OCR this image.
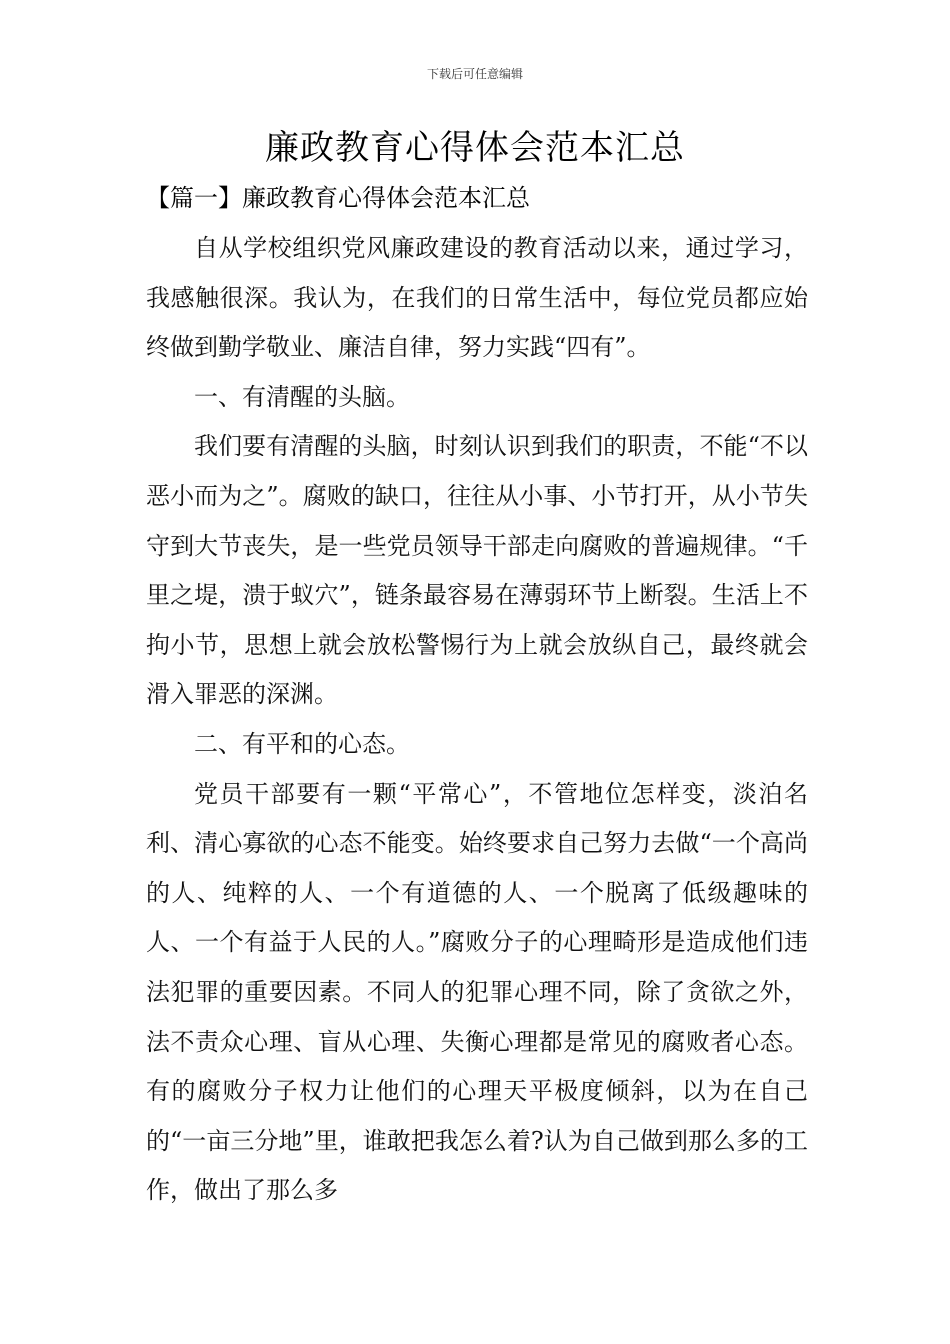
下载后可任意编辑
廉政教育心得体会范本汇总
【篇一】廉政教育心得体会范本汇总

自从学校组织党风廉政建设的教育活动以来，通过学习，我感触很深。我认为，在我们的日常生活中，每位党员都应始终做到勤学敬业、廉洁自律，努力实践“四有”。

一、有清醒的头脑。

我们要有清醒的头脑，时刻认识到我们的职责，不能“不以恶小而为之”。腐败的缺口，往往从小事、小节打开，从小节失守到大节丧失，是一些党员领导干部走向腐败的普遍规律。“千里之堤，溃于蚁穴”，链条最容易在薄弱环节上断裂。生活上不拘小节，思想上就会放松警惕行为上就会放纵自己，最终就会滑入罪恶的深渊。

二、有平和的心态。

党员干部要有一颗“平常心”，不管地位怎样变，淡泊名利、清心寡欲的心态不能变。始终要求自己努力去做“一个高尚的人、纯粹的人、一个有道德的人、一个脱离了低级趣味的人、一个有益于人民的人。”腐败分子的心理畸形是造成他们违法犯罪的重要因素。不同人的犯罪心理不同，除了贪欲之外，法不责众心理、盲从心理、失衡心理都是常见的腐败者心态。有的腐败分子权力让他们的心理天平极度倾斜，以为在自己的“一亩三分地”里，谁敢把我怎么着?认为自己做到那么多的工作，做出了那么多
